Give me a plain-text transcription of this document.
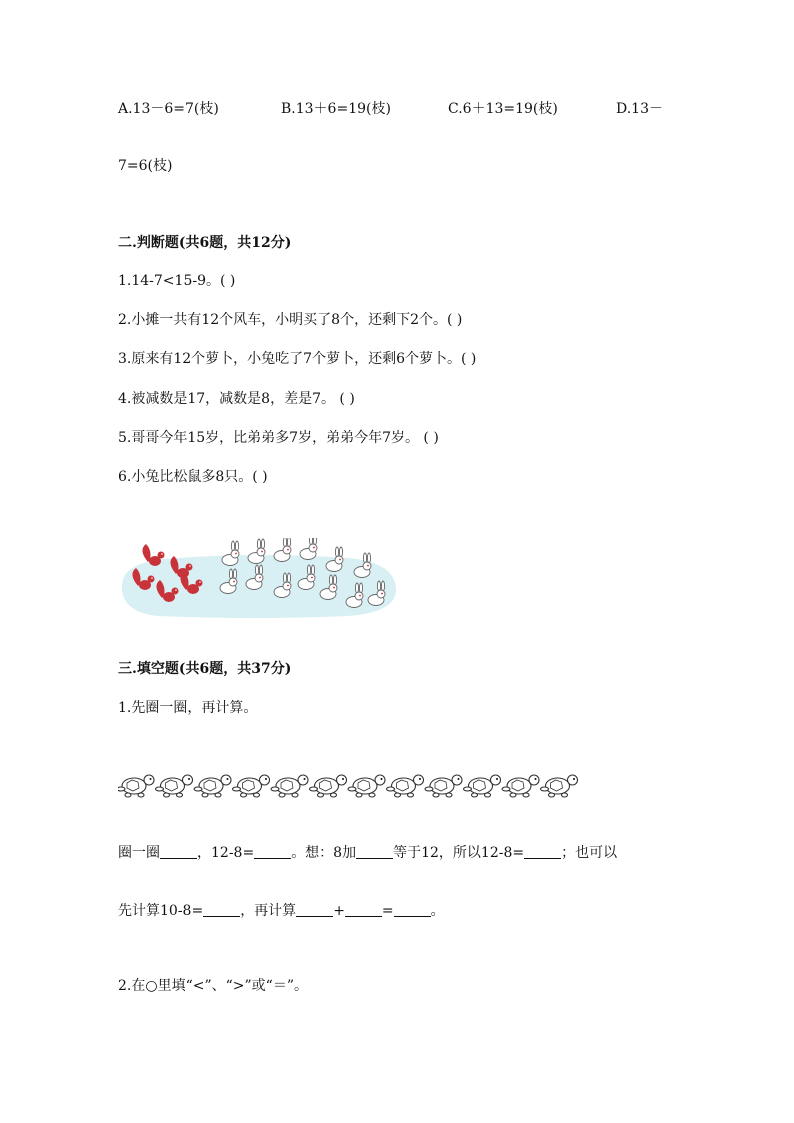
A.13－6=7(枝)	B.13＋6=19(枝)	C.6＋13=19(枝)	D.13－
7=6(枝)
二.判断题(共6题，共12分)
1.14-7<15-9。( )
2.小摊一共有12个风车，小明买了8个，还剩下2个。( )
3.原来有12个萝卜，小兔吃了7个萝卜，还剩6个萝卜。( )
4.被减数是17，减数是8，差是7。 ( )
5.哥哥今年15岁，比弟弟多7岁，弟弟今年7岁。 ( )
6.小兔比松鼠多8只。( )
三.填空题(共6题，共37分)
1.先圈一圈，再计算。
圈一圈	，12-8=	。想：8加	等于12，所以12-8=	；也可以
先计算10-8=	，再计算	+	=	。
2.在○里填“<”、“>”或“＝”。
